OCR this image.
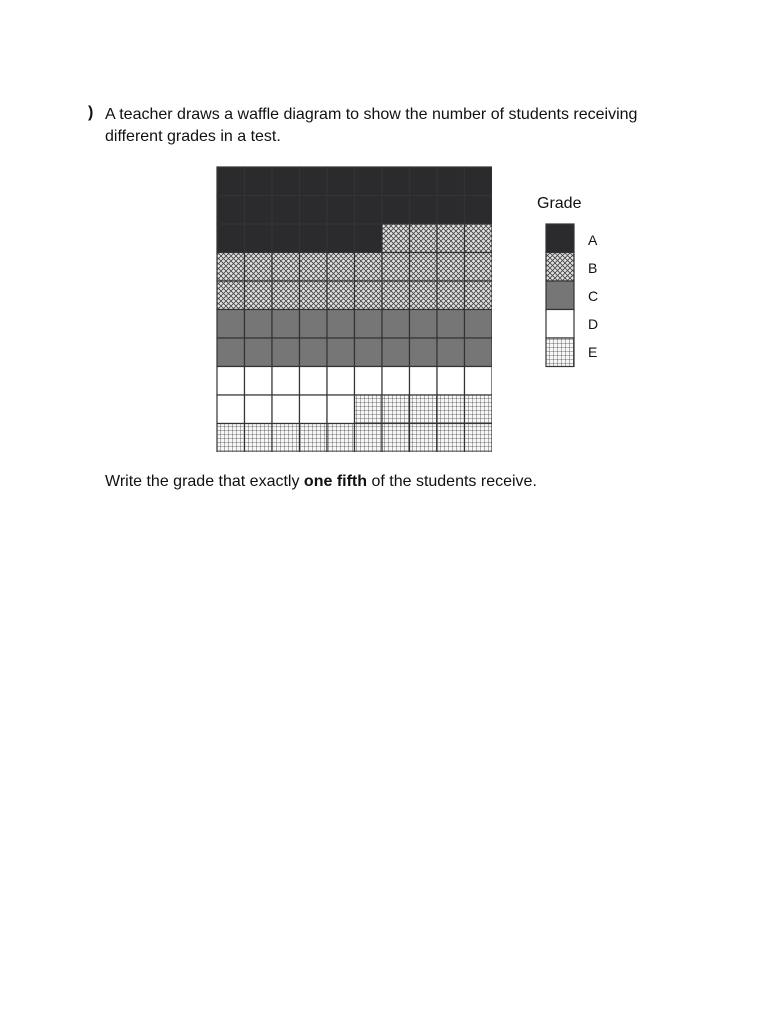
) A teacher draws a waffle diagram to show the number of students receiving
different grades in a test.
Grade
A
B
C
D
E
Write the grade that exactly one fifth of the students receive.
